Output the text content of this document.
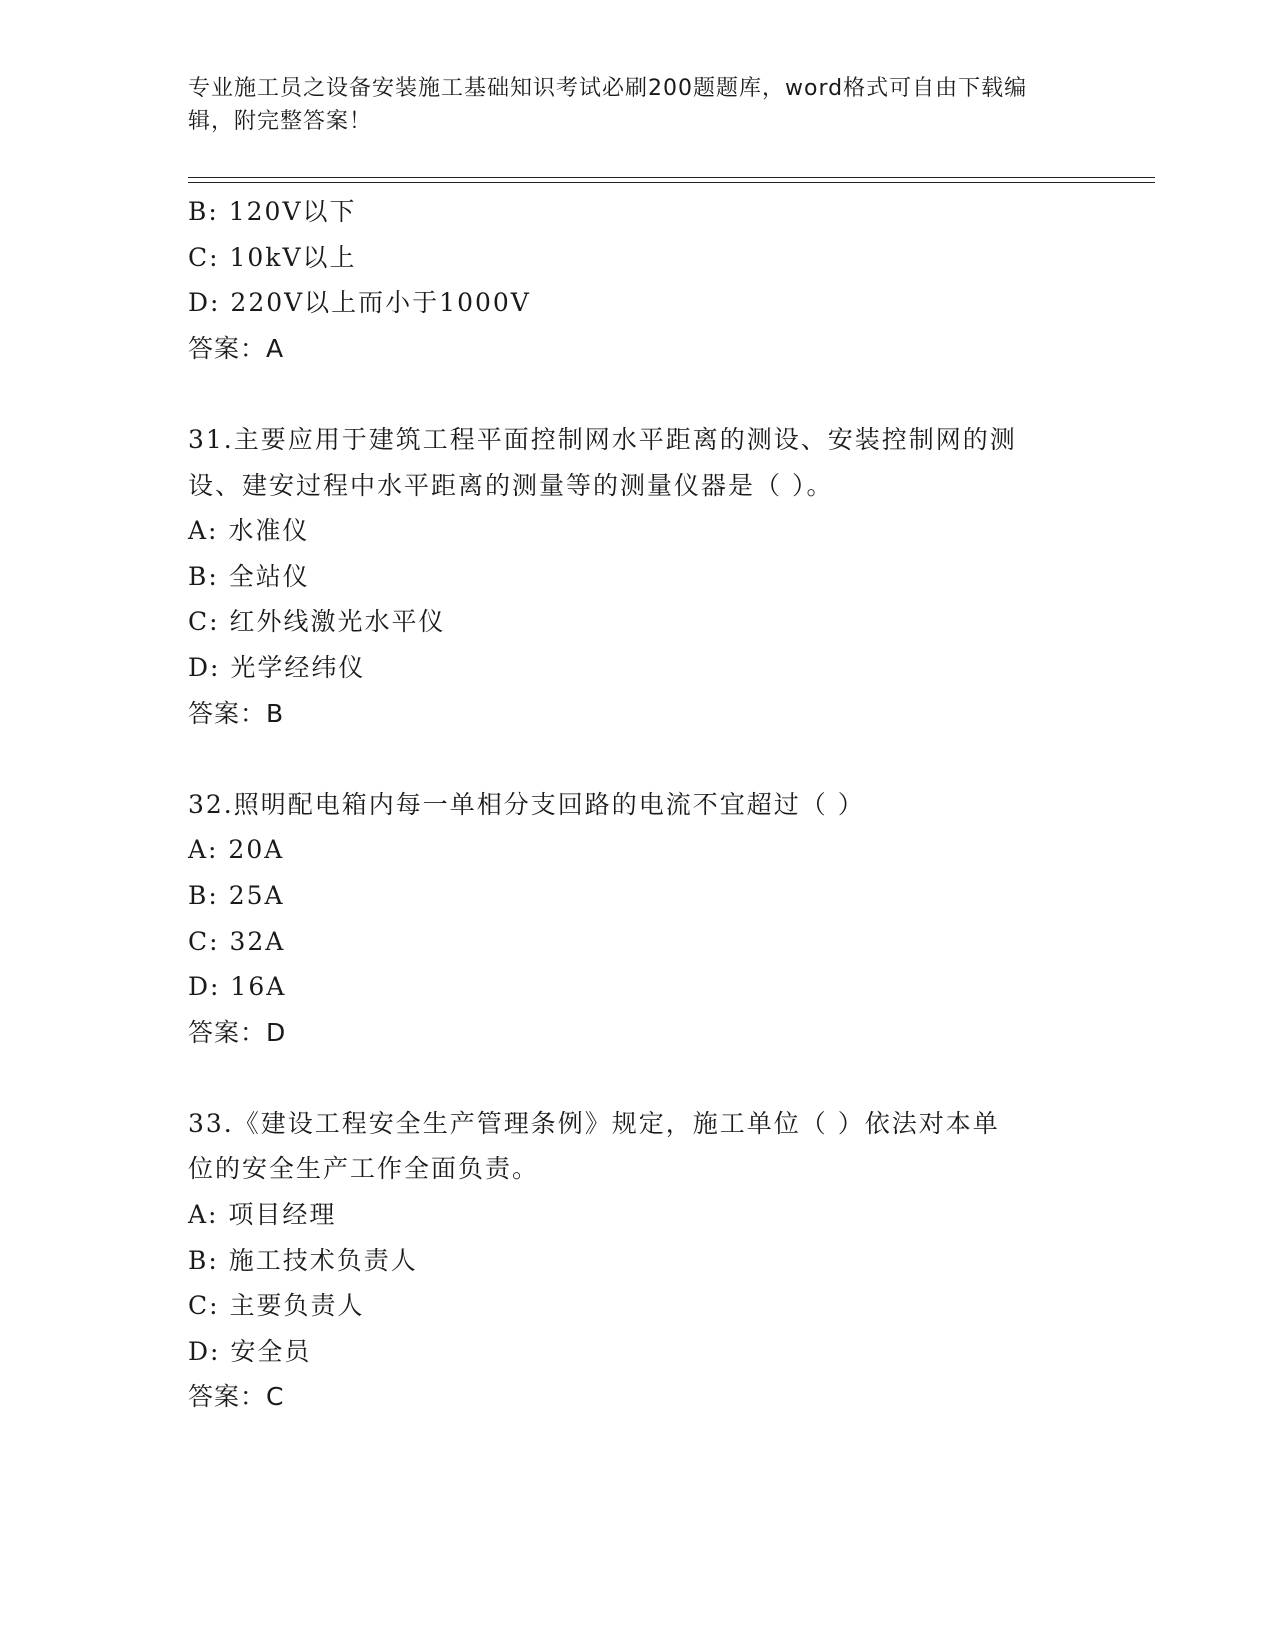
专业施工员之设备安装施工基础知识考试必刷200题题库，word格式可自由下载编辑，附完整答案！
B: 120V以下
C: 10kV以上
D: 220V以上而小于1000V
答案：A
31.主要应用于建筑工程平面控制网水平距离的测设、安装控制网的测
设、建安过程中水平距离的测量等的测量仪器是（ ）。
A: 水准仪
B: 全站仪
C: 红外线激光水平仪
D: 光学经纬仪
答案：B
32.照明配电箱内每一单相分支回路的电流不宜超过（ ）
A: 20A
B: 25A
C: 32A
D: 16A
答案：D
33.《建设工程安全生产管理条例》规定，施工单位（ ）依法对本单
位的安全生产工作全面负责。
A: 项目经理
B: 施工技术负责人
C: 主要负责人
D: 安全员
答案：C
